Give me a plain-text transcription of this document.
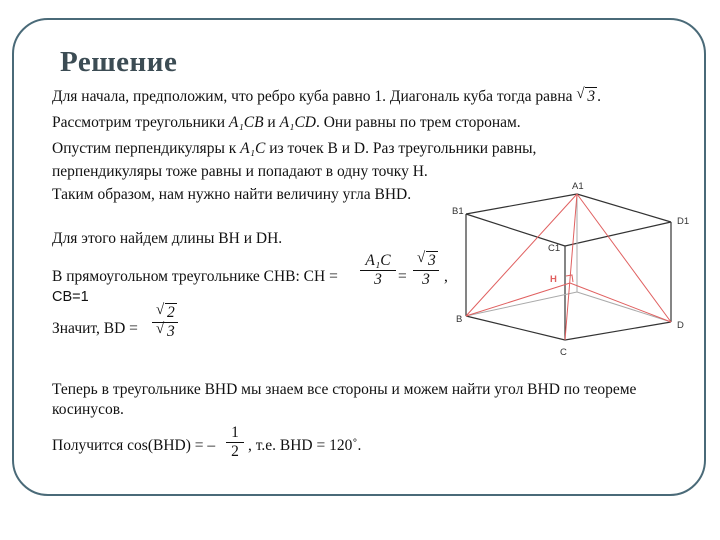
Решение
Для начала, предположим, что ребро куба равно 1. Диагональ куба тогда равна √ 3 .
Рассмотрим треугольники A₁CB и A₁CD. Они равны по трем сторонам.
Опустим перпендикуляры к A₁C из точек B и D. Раз треугольники равны,
перпендикуляры тоже равны и попадают в одну точку H.
Таким образом, нам нужно найти величину угла BHD.
Для этого найдем длины BH и DH.
В прямоугольном треугольнике CHB: CH =
A₁C
3	=
√ 3
3 ,
CB=1
Значит, BD =
√ 2
√ 3
Теперь в треугольнике BHD мы знаем все стороны и можем найти угол BHD по теореме
косинусов.
Получится cos(BHD) = –
1
2 , т.е. BHD = 120˚.
A1
B1
D1
C1
H
B
D
C
